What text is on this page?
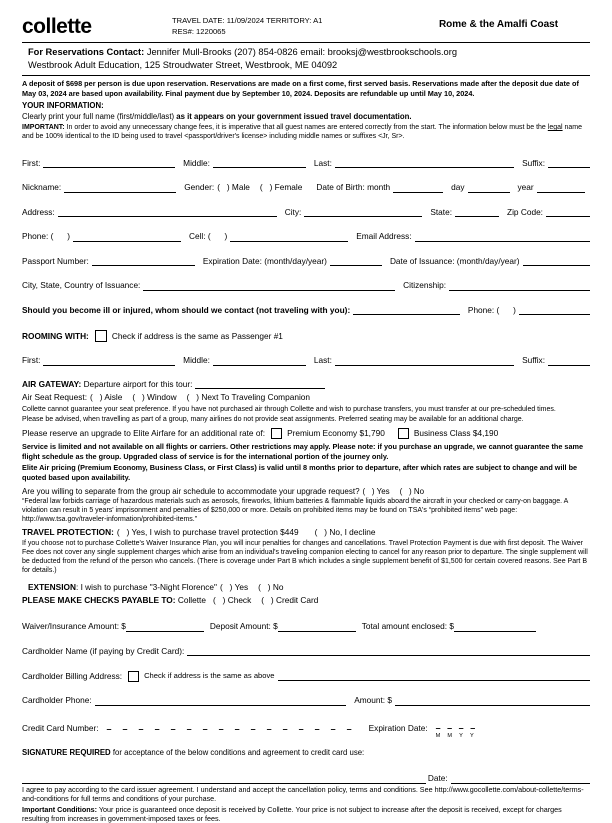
collette	TRAVEL DATE: 11/09/2024 TERRITORY: A1
RES#: 1220065
Rome & the Amalfi Coast
For Reservations Contact: Jennifer Mull-Brooks (207) 854-0826 email: brooksj@westbrookschools.org
Westbrook Adult Education, 125 Stroudwater Street, Westbrook, ME 04092

A deposit of $698 per person is due upon reservation. Reservations are made on a first come, first served basis. Reservations made after the deposit due date of May 03, 2024 are based upon availability. Final payment due by September 10, 2024. Deposits are refundable up until May 10, 2024.

YOUR INFORMATION:

Clearly print your full name (first/middle/last) as it appears on your government issued travel documentation.

IMPORTANT: In order to avoid any unnecessary change fees, it is imperative that all guest names are entered correctly from the start. The information below must be the legal name and be 100% identical to the ID being used to travel <passport/driver's license> including middle names or suffixes <Jr, Sr>.

First:	Middle:	Last:	Suffix:
Nickname:	Gender: (   ) Male (   ) Female Date of Birth: month	day	year
Address:	City:	State:	Zip Code:
Phone: (      )	Cell: (      )	Email Address:
Passport Number:	Expiration Date: (month/day/year)	Date of Issuance: (month/day/year)
City, State, Country of Issuance:	Citizenship:
Should you become ill or injured, whom should we contact (not traveling with you):	Phone: (      )
ROOMING WITH:	Check if address is the same as Passenger #1
First:	Middle:	Last:	Suffix:
AIR GATEWAY: Departure airport for this tour:
Air Seat Request: (   ) Aisle (   ) Window (   ) Next To Traveling Companion

Collette cannot guarantee your seat preference. If you have not purchased air through Collette and wish to purchase transfers, you must transfer at our pre-scheduled times.

Please be advised, when travelling as part of a group, many airlines do not provide seat assignments. Preferred seating may be available for an additional charge.

Please reserve an upgrade to Elite Airfare for an additional rate of:	Premium Economy $1,790	Business Class $4,190

Service is limited and not available on all flights or carriers. Other restrictions may apply. Please note: if you purchase an upgrade, we cannot guarantee the same flight schedule as the group. Upgraded class of service is for the international portion of the journey only.

Elite Air pricing (Premium Economy, Business Class, or First Class) is valid until 8 months prior to departure, after which rates are subject to change and will be quoted based upon availability.

Are you willing to separate from the group air schedule to accommodate your upgrade request? (   ) Yes (   ) No

“Federal law forbids carriage of hazardous materials such as aerosols, fireworks, lithium batteries & flammable liquids aboard the aircraft in your checked or carry-on baggage. A violation can result in 5 years' imprisonment and penalties of $250,000 or more. Details on prohibited items may be found on TSA's “prohibited items” web page: http://www.tsa.gov/traveler-information/prohibited-items.”

TRAVEL PROTECTION: (   ) Yes, I wish to purchase travel protection $449 (   ) No, I decline

If you choose not to purchase Collette's Waiver Insurance Plan, you will incur penalties for changes and cancellations. Travel Protection Payment is due with first deposit. The Waiver Fee does not cover any single supplement charges which arise from an individual's traveling companion electing to cancel for any reason prior to departure. The single supplement will be deducted from the refund of the person who cancels. (There is coverage under Part B which includes a single supplement benefit of $1,500 for certain covered reasons. See Part B for details.)

EXTENSION: I wish to purchase "3-Night Florence" (   ) Yes (   ) No
PLEASE MAKE CHECKS PAYABLE TO: Collette (   ) Check (   ) Credit Card
Waiver/Insurance Amount: $	Deposit Amount: $	Total amount enclosed: $
Cardholder Name (if paying by Credit Card):
Cardholder Billing Address:	Check if address is the same as above
Cardholder Phone:	Amount: $
Credit Card Number: – – – – – – – – – – – – – – – – Expiration Date: – – – –
M  M  Y  Y

SIGNATURE REQUIRED for acceptance of the below conditions and agreement to credit card use:

Date:

I agree to pay according to the card issuer agreement. I understand and accept the cancellation policy, terms and conditions. See http://www.gocollette.com/about-collette/terms-and-conditions for full terms and conditions of your purchase.

Important Conditions: Your price is guaranteed once deposit is received by Collette. Your price is not subject to increase after the deposit is received, except for charges resulting from increases in government-imposed taxes or fees.
